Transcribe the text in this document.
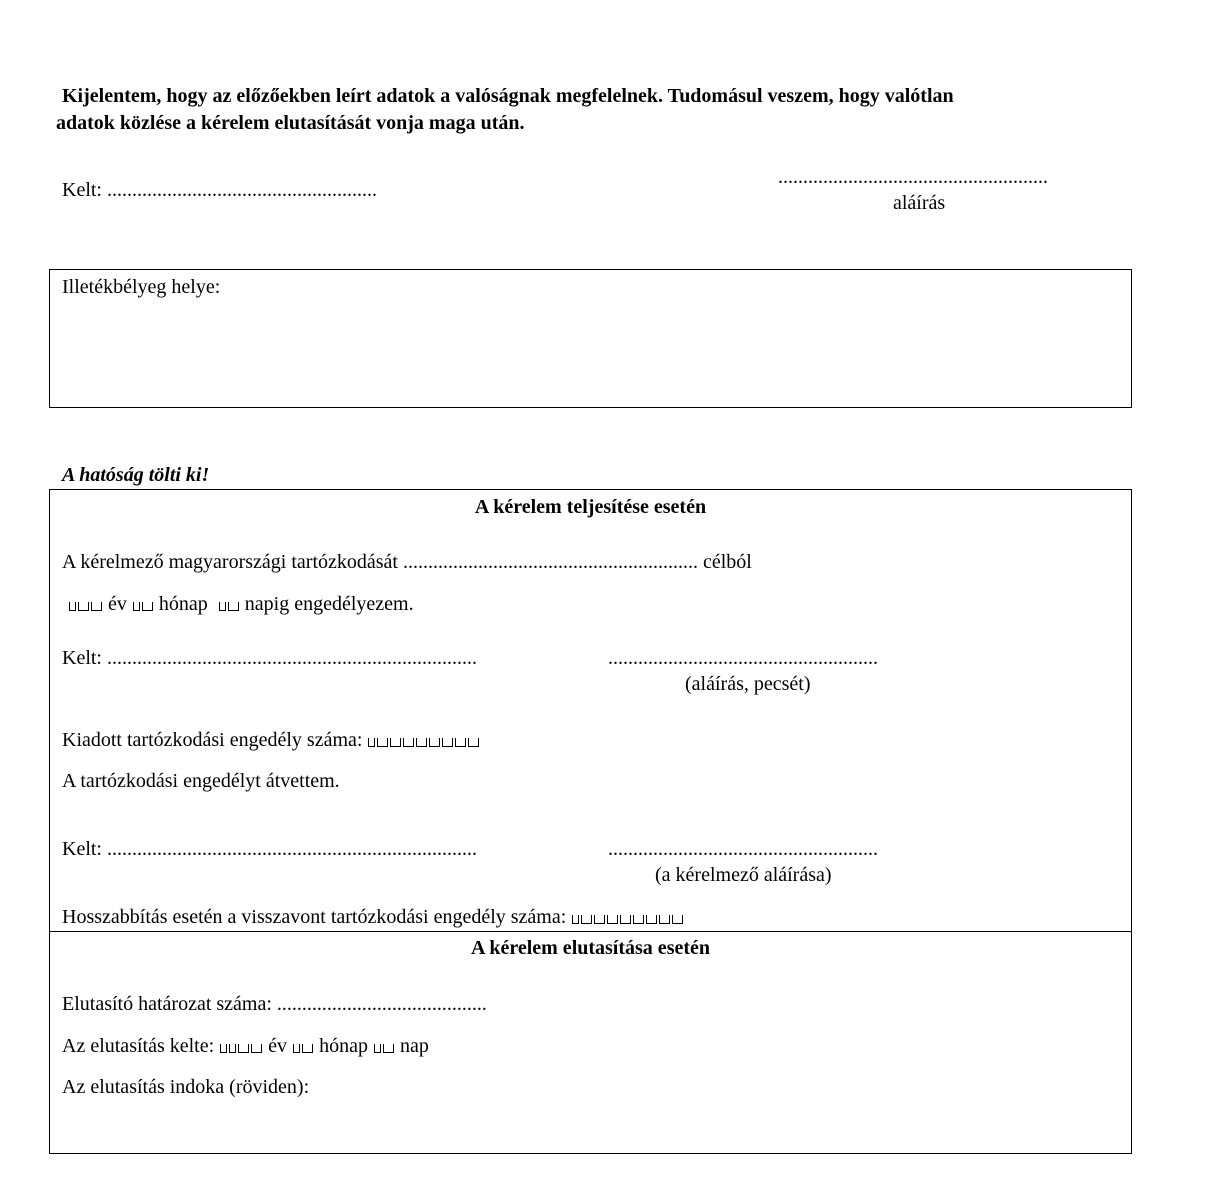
Kijelentem, hogy az előzőekben leírt adatok a valóságnak megfelelnek. Tudomásul veszem, hogy valótlan
adatok közlése a kérelem elutasítását vonja maga után.
Kelt: ......................................................
......................................................
aláírás
Illetékbélyeg helye:
A hatóság tölti ki!
A kérelem teljesítése esetén
A kérelmező magyarországi tartózkodását ........................................................... célból
év hónap napig engedélyezem.
Kelt: ..........................................................................	......................................................
(aláírás, pecsét)
Kiadott tartózkodási engedély száma:
A tartózkodási engedélyt átvettem.
Kelt: ..........................................................................	......................................................
(a kérelmező aláírása)
Hosszabbítás esetén a visszavont tartózkodási engedély száma:
A kérelem elutasítása esetén
Elutasító határozat száma: ..........................................
Az elutasítás kelte:	év hónap nap
Az elutasítás indoka (röviden):
